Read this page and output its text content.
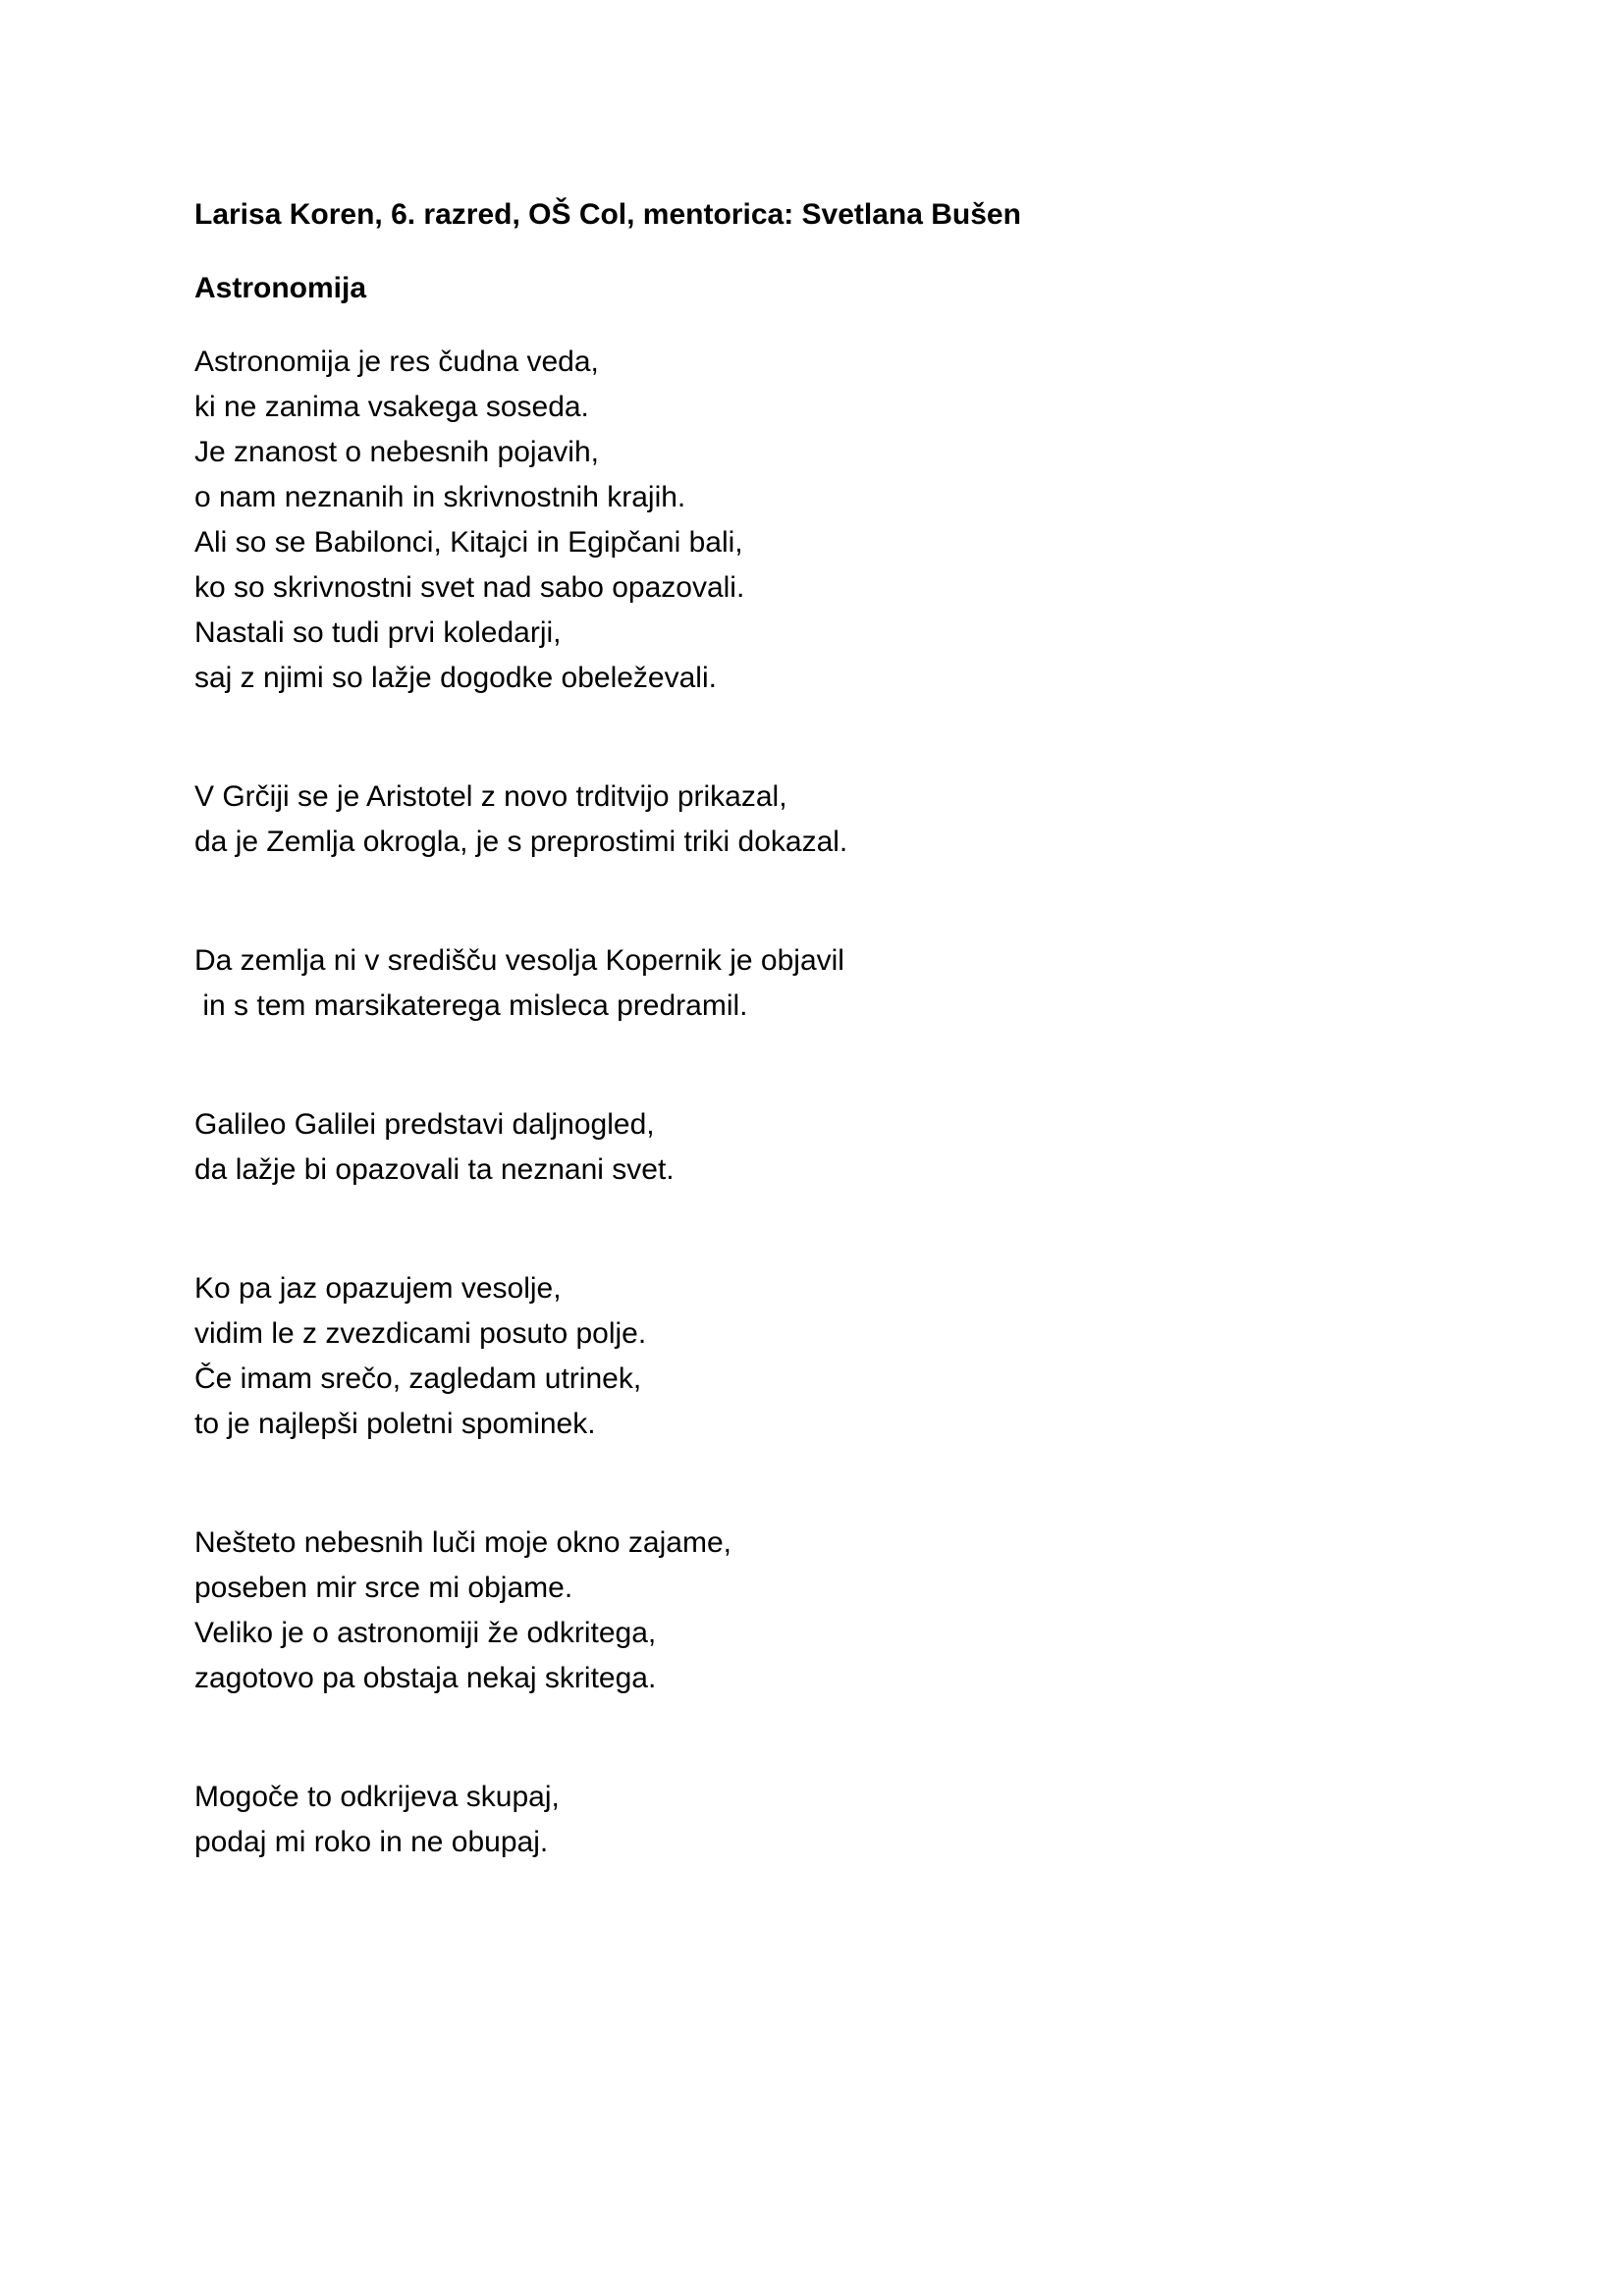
Larisa Koren, 6. razred, OŠ Col, mentorica: Svetlana Bušen

Astronomija

Astronomija je res čudna veda,

ki ne zanima vsakega soseda.

Je znanost o nebesnih pojavih,

o nam neznanih in skrivnostnih krajih.

Ali so se Babilonci, Kitajci in Egipčani bali,

ko so skrivnostni svet nad sabo opazovali.

Nastali so tudi prvi koledarji,

saj z njimi so lažje dogodke obeleževali.

V Grčiji se je Aristotel z novo trditvijo prikazal,

da je Zemlja okrogla, je s preprostimi triki dokazal.

Da zemlja ni v središču vesolja Kopernik je objavil

in s tem marsikaterega misleca predramil.

Galileo Galilei predstavi daljnogled,

da lažje bi opazovali ta neznani svet.

Ko pa jaz opazujem vesolje,

vidim le z zvezdicami posuto polje.

Če imam srečo, zagledam utrinek,

to je najlepši poletni spominek.

Nešteto nebesnih luči moje okno zajame,

poseben mir srce mi objame.

Veliko je o astronomiji že odkritega,

zagotovo pa obstaja nekaj skritega.

Mogoče to odkrijeva skupaj,

podaj mi roko in ne obupaj.
